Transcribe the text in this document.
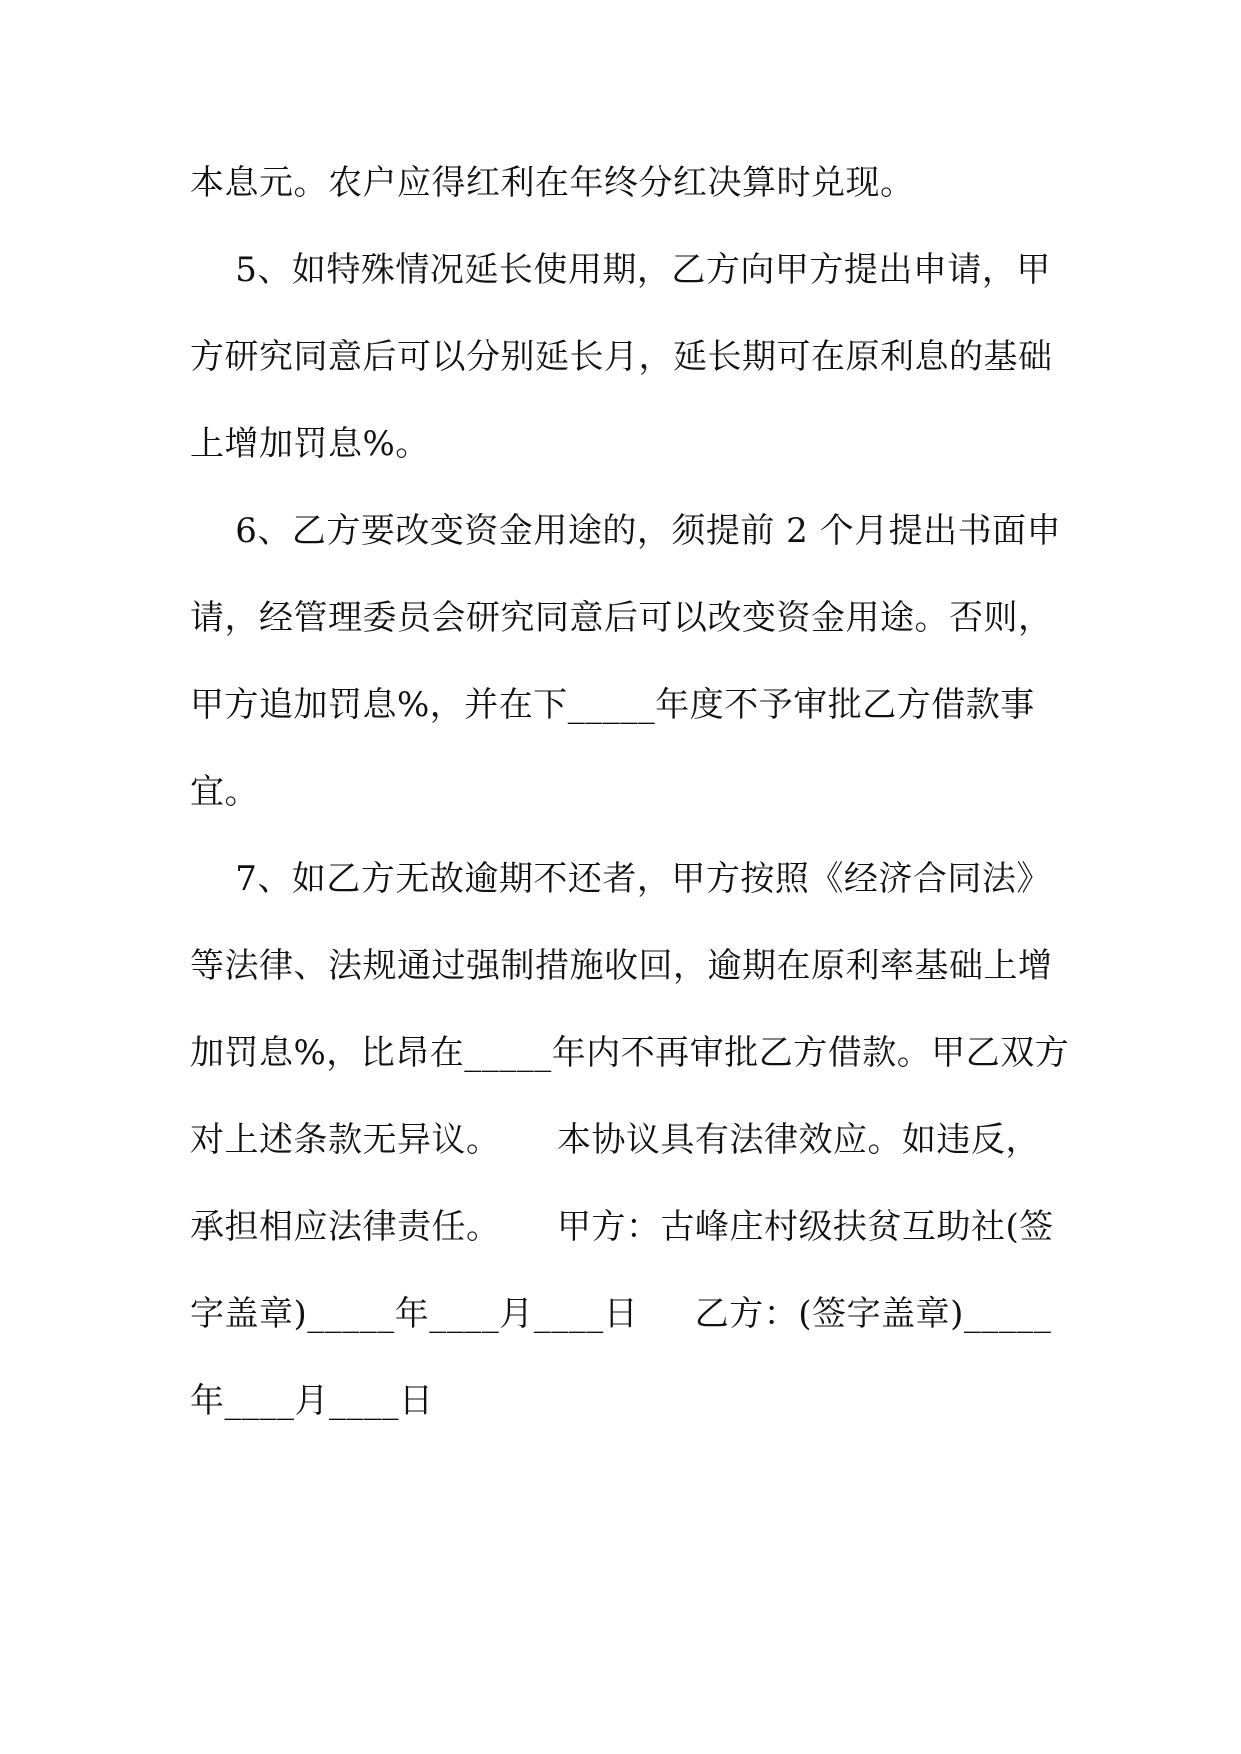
本息元。农户应得红利在年终分红决算时兑现。
5、如特殊情况延长使用期，乙方向甲方提出申请，甲
方研究同意后可以分别延长月，延长期可在原利息的基础
上增加罚息%。
6、乙方要改变资金用途的，须提前 2 个月提出书面申
请，经管理委员会研究同意后可以改变资金用途。否则，
甲方追加罚息%，并在下_____年度不予审批乙方借款事
宜。
7、如乙方无故逾期不还者，甲方按照《经济合同法》
等法律、法规通过强制措施收回，逾期在原利率基础上增
加罚息%，比昂在_____年内不再审批乙方借款。甲乙双方
对上述条款无异议。     本协议具有法律效应。如违反，
承担相应法律责任。     甲方：古峰庄村级扶贫互助社(签
字盖章)_____年____月____日     乙方：(签字盖章)_____
年____月____日
